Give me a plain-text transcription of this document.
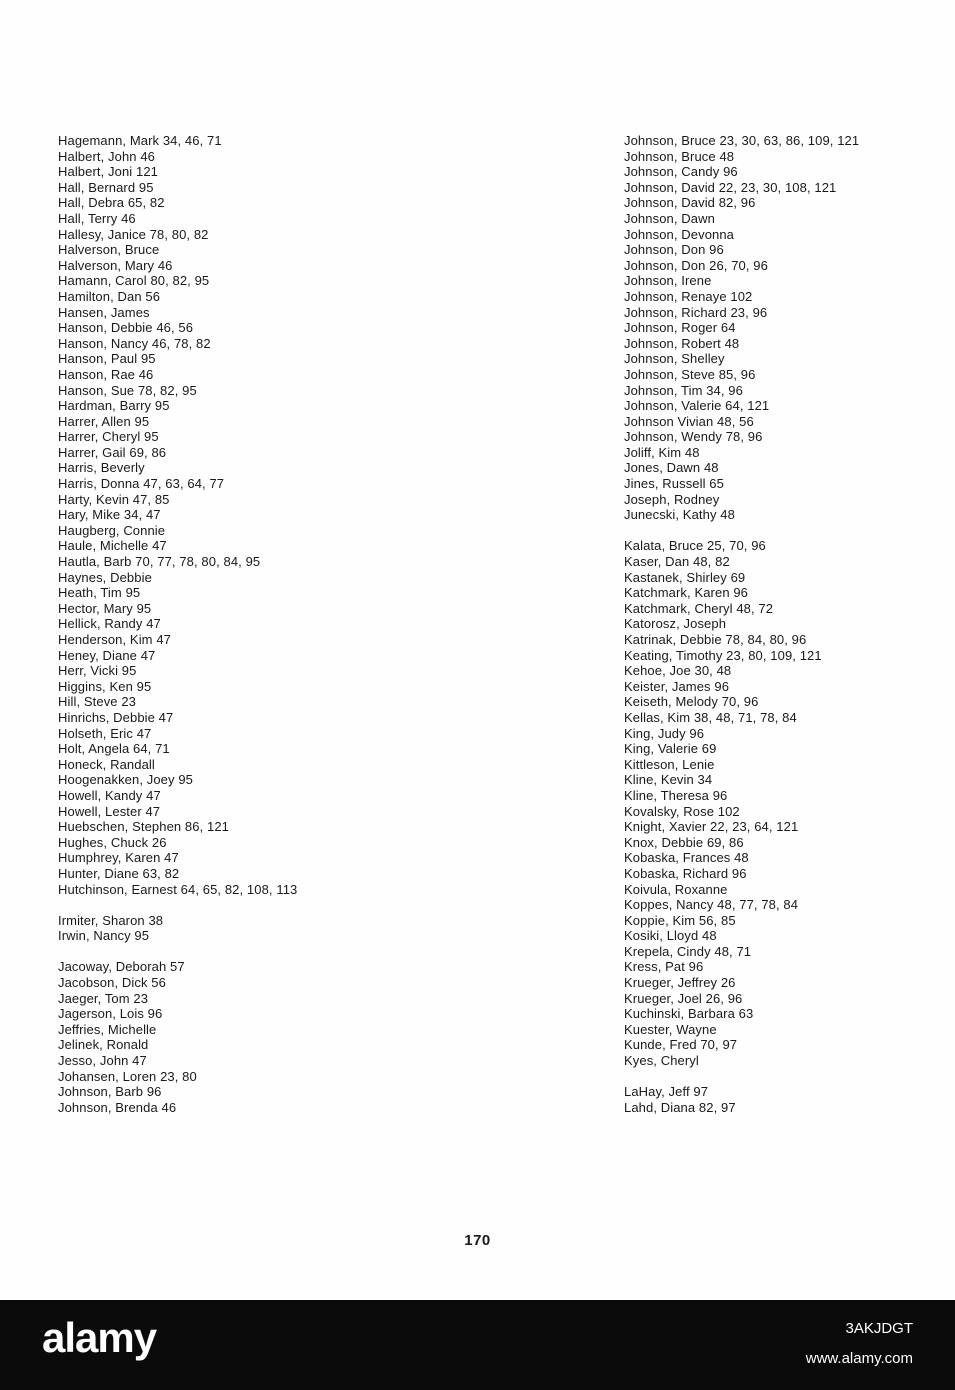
Hagemann, Mark 34, 46, 71
Halbert, John 46
Halbert, Joni 121
Hall, Bernard 95
Hall, Debra 65, 82
Hall, Terry 46
Hallesy, Janice 78, 80, 82
Halverson, Bruce
Halverson, Mary 46
Hamann, Carol 80, 82, 95
Hamilton, Dan 56
Hansen, James
Hanson, Debbie 46, 56
Hanson, Nancy 46, 78, 82
Hanson, Paul 95
Hanson, Rae 46
Hanson, Sue 78, 82, 95
Hardman, Barry 95
Harrer, Allen 95
Harrer, Cheryl 95
Harrer, Gail 69, 86
Harris, Beverly
Harris, Donna 47, 63, 64, 77
Harty, Kevin 47, 85
Hary, Mike 34, 47
Haugberg, Connie
Haule, Michelle 47
Hautla, Barb 70, 77, 78, 80, 84, 95
Haynes, Debbie
Heath, Tim 95
Hector, Mary 95
Hellick, Randy 47
Henderson, Kim 47
Heney, Diane 47
Herr, Vicki 95
Higgins, Ken 95
Hill, Steve 23
Hinrichs, Debbie 47
Holseth, Eric 47
Holt, Angela 64, 71
Honeck, Randall
Hoogenakken, Joey 95
Howell, Kandy 47
Howell, Lester 47
Huebschen, Stephen 86, 121
Hughes, Chuck 26
Humphrey, Karen 47
Hunter, Diane 63, 82
Hutchinson, Earnest 64, 65, 82, 108, 113
Irmiter, Sharon 38
Irwin, Nancy 95
Jacoway, Deborah 57
Jacobson, Dick 56
Jaeger, Tom 23
Jagerson, Lois 96
Jeffries, Michelle
Jelinek, Ronald
Jesso, John 47
Johansen, Loren 23, 80
Johnson, Barb 96
Johnson, Brenda 46
Johnson, Bruce 23, 30, 63, 86, 109, 121
Johnson, Bruce 48
Johnson, Candy 96
Johnson, David 22, 23, 30, 108, 121
Johnson, David 82, 96
Johnson, Dawn
Johnson, Devonna
Johnson, Don 96
Johnson, Don 26, 70, 96
Johnson, Irene
Johnson, Renaye 102
Johnson, Richard 23, 96
Johnson, Roger 64
Johnson, Robert 48
Johnson, Shelley
Johnson, Steve 85, 96
Johnson, Tim 34, 96
Johnson, Valerie 64, 121
Johnson Vivian 48, 56
Johnson, Wendy 78, 96
Joliff, Kim 48
Jones, Dawn 48
Jines, Russell 65
Joseph, Rodney
Junecski, Kathy 48
Kalata, Bruce 25, 70, 96
Kaser, Dan 48, 82
Kastanek, Shirley 69
Katchmark, Karen 96
Katchmark, Cheryl 48, 72
Katorosz, Joseph
Katrinak, Debbie 78, 84, 80, 96
Keating, Timothy 23, 80, 109, 121
Kehoe, Joe 30, 48
Keister, James 96
Keiseth, Melody 70, 96
Kellas, Kim 38, 48, 71, 78, 84
King, Judy 96
King, Valerie 69
Kittleson, Lenie
Kline, Kevin 34
Kline, Theresa 96
Kovalsky, Rose 102
Knight, Xavier 22, 23, 64, 121
Knox, Debbie 69, 86
Kobaska, Frances 48
Kobaska, Richard 96
Koivula, Roxanne
Koppes, Nancy 48, 77, 78, 84
Koppie, Kim 56, 85
Kosiki, Lloyd 48
Krepela, Cindy 48, 71
Kress, Pat 96
Krueger, Jeffrey 26
Krueger, Joel 26, 96
Kuchinski, Barbara 63
Kuester, Wayne
Kunde, Fred 70, 97
Kyes, Cheryl
LaHay, Jeff 97
Lahd, Diana 82, 97
170
alamy	3AKJDGT
www.alamy.com
